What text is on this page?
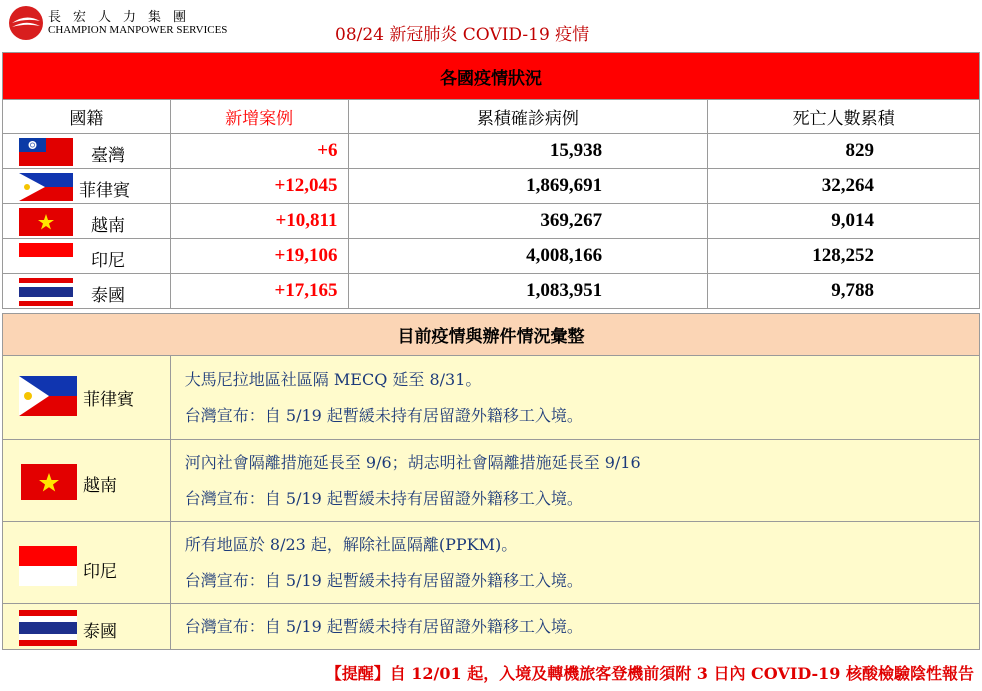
長宏人力集團
CHAMPION MANPOWER SERVICES	08/24 新冠肺炎 COVID-19 疫情
各國疫情狀況			
國籍	新增案例	累積確診病例	死亡人數累積

臺灣	+6	15,938	829

菲律賓	+12,045	1,869,691	32,264

越南	+10,811	369,267	9,014

印尼	+19,106	4,008,166	128,252

泰國	+17,165	1,083,951	9,788
目前疫情與辦件情況彙整	

菲律賓	大馬尼拉地區社區隔 MECQ 延至 8/31。
台灣宣布：自 5/19 起暫緩未持有居留證外籍移工入境。

越南	河內社會隔離措施延長至 9/6；胡志明社會隔離措施延長至 9/16
台灣宣布：自 5/19 起暫緩未持有居留證外籍移工入境。

印尼	所有地區於 8/23 起，解除社區隔離(PPKM)。
台灣宣布：自 5/19 起暫緩未持有居留證外籍移工入境。

泰國	台灣宣布：自 5/19 起暫緩未持有居留證外籍移工入境。
【提醒】自 12/01 起，入境及轉機旅客登機前須附 3 日內 COVID-19 核酸檢驗陰性報告
